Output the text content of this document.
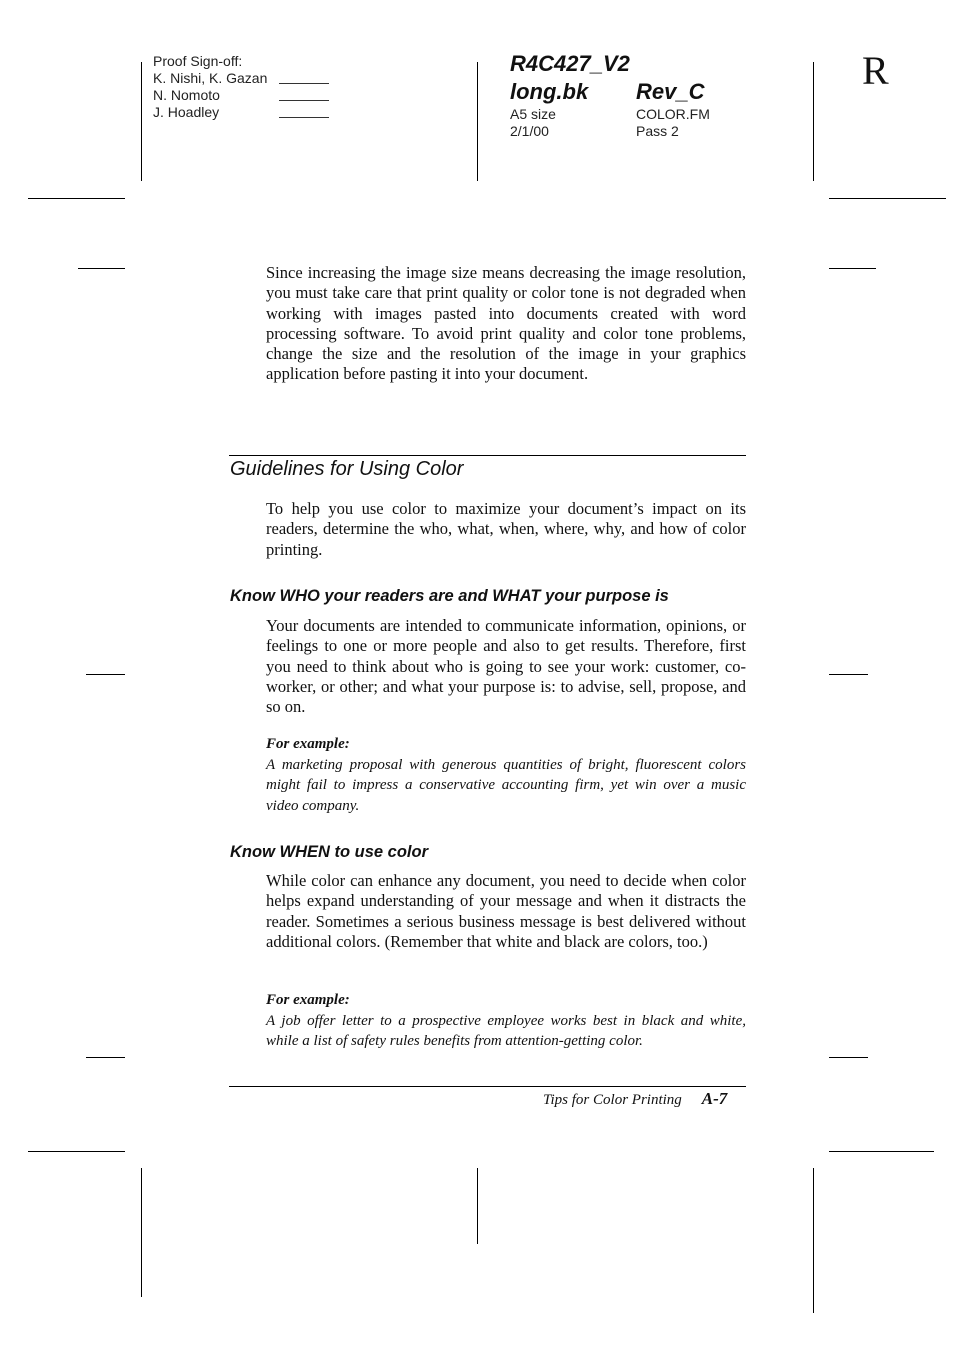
Proof Sign-off:
K. Nishi, K. Gazan
N. Nomoto
J. Hoadley
R4C427_V2
long.bk	Rev_C
A5 size	COLOR.FM
2/1/00	Pass 2
R
Since increasing the image size means decreasing the image resolution, you must take care that print quality or color tone is not degraded when working with images pasted into documents created with word processing software. To avoid print quality and color tone problems, change the size and the resolution of the image in your graphics application before pasting it into your document.
Guidelines for Using Color
To help you use color to maximize your document’s impact on its readers, determine the who, what, when, where, why, and how of color printing.
Know WHO your readers are and WHAT your purpose is
Your documents are intended to communicate information, opinions, or feelings to one or more people and also to get results. Therefore, first you need to think about who is going to see your work: customer, co-worker, or other; and what your purpose is: to advise, sell, propose, and so on.
For example:
A marketing proposal with generous quantities of bright, fluorescent colors might fail to impress a conservative accounting firm, yet win over a music video company.
Know WHEN to use color
While color can enhance any document, you need to decide when color helps expand understanding of your message and when it distracts the reader. Sometimes a serious business message is best delivered without additional colors. (Remember that white and black are colors, too.)
For example:
A job offer letter to a prospective employee works best in black and white, while a list of safety rules benefits from attention-getting color.
Tips for Color Printing A-7
